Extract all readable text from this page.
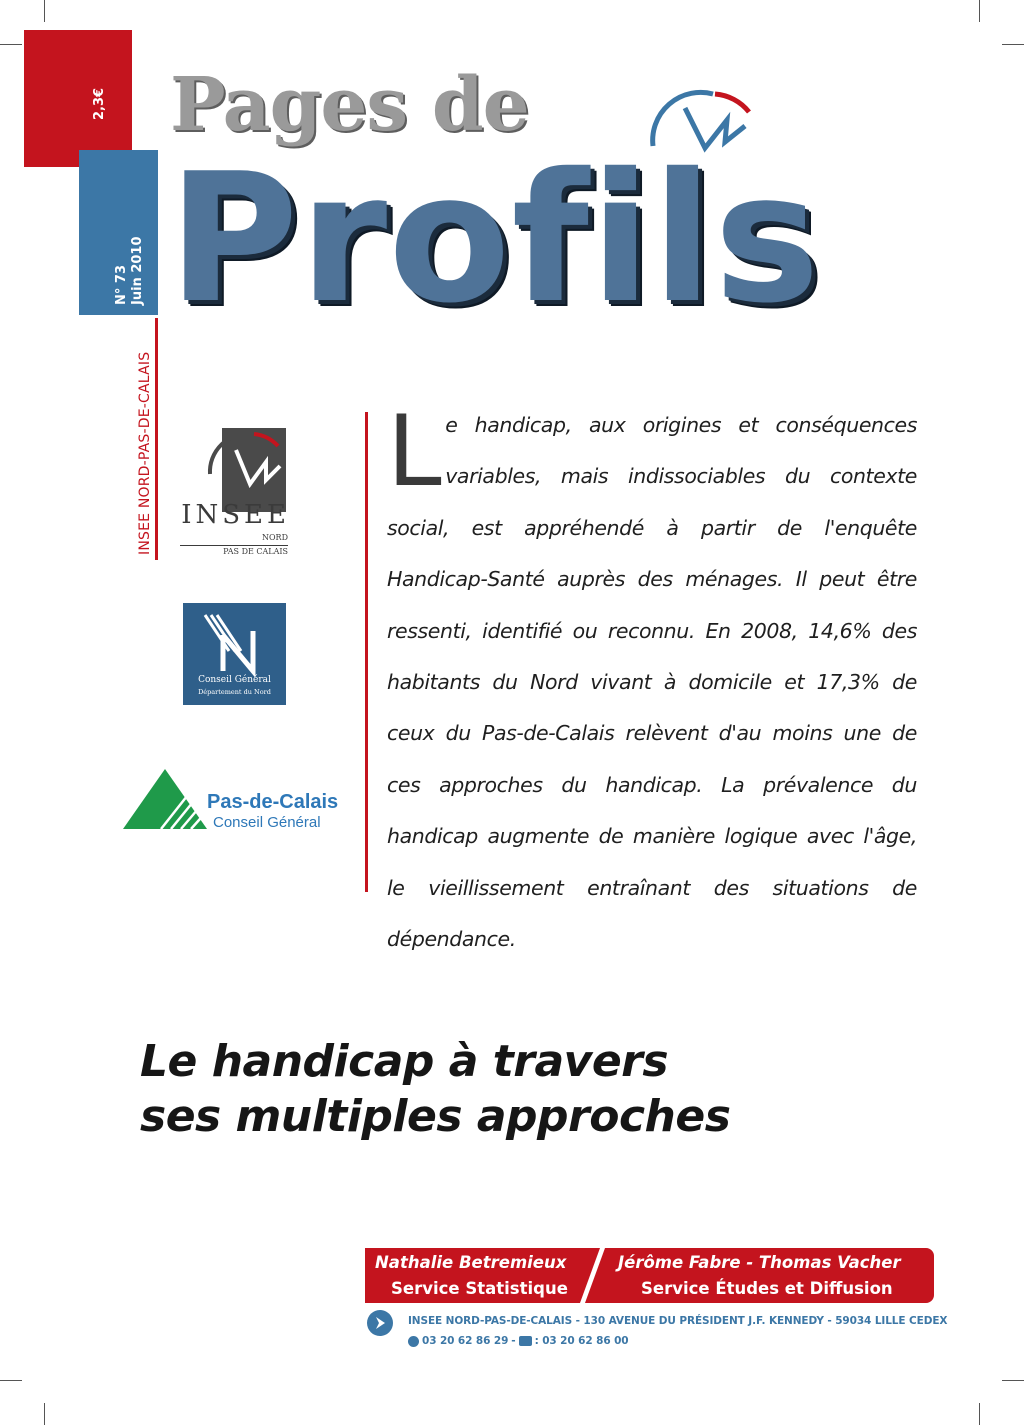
2,3€
N° 73 Juin 2010
INSEE NORD-PAS-DE-CALAIS
Pages de
Profils
INSEE
NORD
PAS DE CALAIS
Conseil Général
Département du Nord
Pas-de-Calais
Conseil Général
Le handicap, aux origines et conséquences variables, mais indissociables du contexte social, est appréhendé à partir de l'enquête Handicap-Santé auprès des ménages. Il peut être ressenti, identifié ou reconnu. En 2008, 14,6% des habitants du Nord vivant à domicile et 17,3% de ceux du Pas-de-Calais relèvent d'au moins une de ces approches du handicap. La prévalence du handicap augmente de manière logique avec l'âge, le vieillissement entraînant des situations de dépendance.
Le handicap à travers
ses multiples approches
Nathalie Betremieux
Service Statistique
Jérôme Fabre - Thomas Vacher
Service Études et Diffusion
INSEE NORD-PAS-DE-CALAIS - 130 AVENUE DU PRÉSIDENT J.F. KENNEDY - 59034 LILLE CEDEX
03 20 62 86 29 - : 03 20 62 86 00
